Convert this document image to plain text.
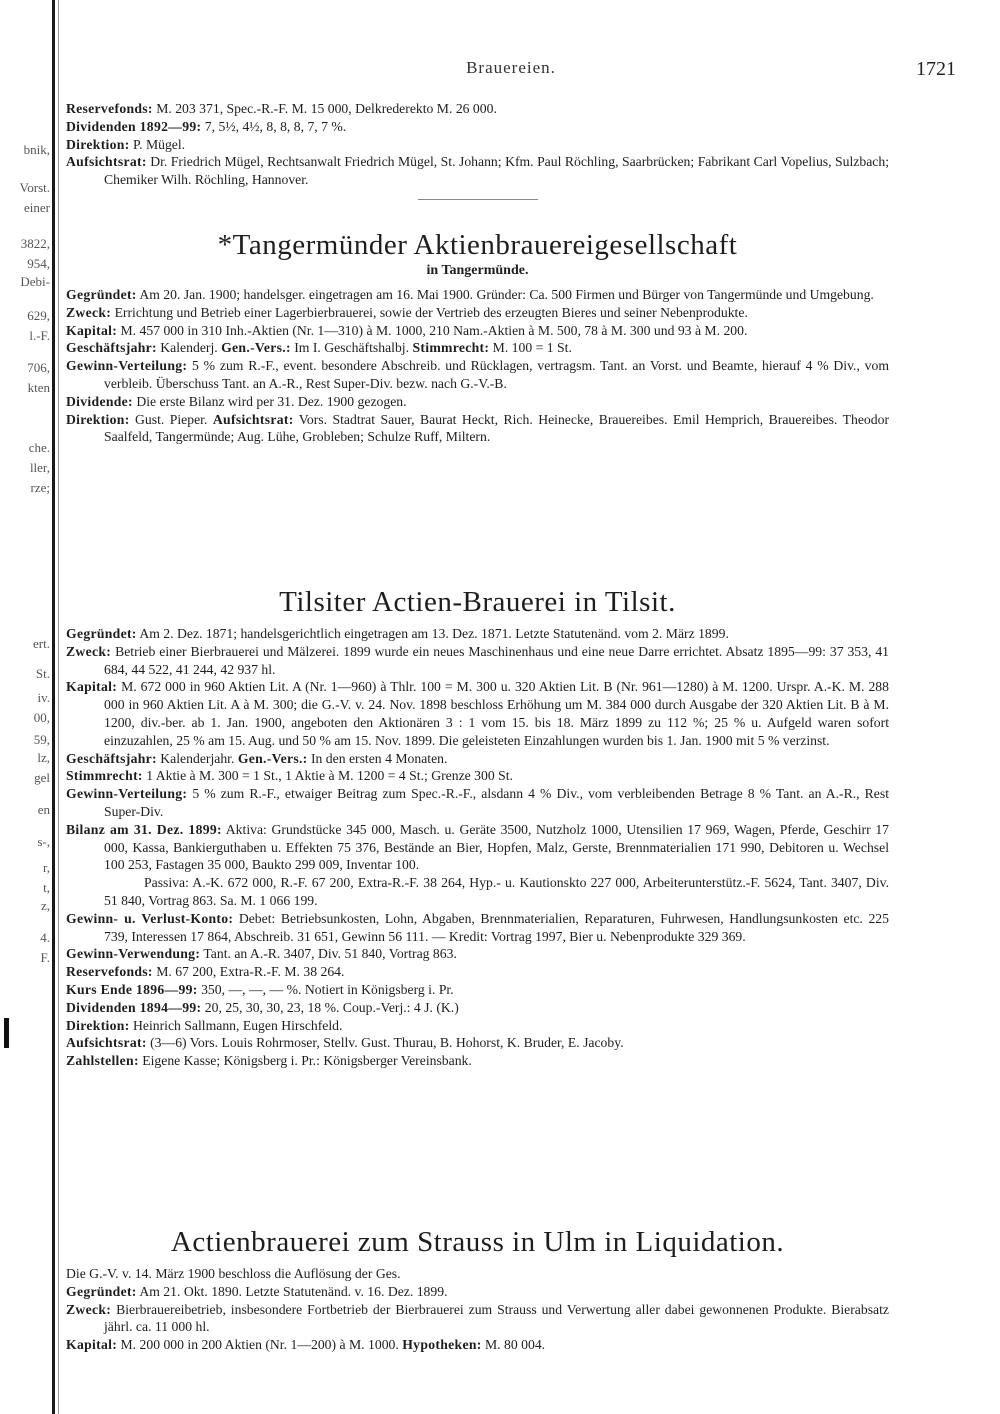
bnik,
Vorst.
einer
3822,
954,
Debi-
629,
l.-F.
706,
kten
che.
ller,
rze;
ert.
St.
iv.
00,
59,
lz,
gel
en
s-,
r,
t,
z,
4.
F.
Brauereien.	1721

Reservefonds: M. 203 371, Spec.-R.-F. M. 15 000, Delkrederekto M. 26 000.
Dividenden 1892—99: 7, 5½, 4½, 8, 8, 8, 7, 7 %.
Direktion: P. Mügel.
Aufsichtsrat: Dr. Friedrich Mügel, Rechtsanwalt Friedrich Mügel, St. Johann; Kfm. Paul Röchling, Saarbrücken; Fabrikant Carl Vopelius, Sulzbach; Chemiker Wilh. Röchling, Hannover.

*Tangermünder Aktienbrauereigesellschaft
in Tangermünde.

Gegründet: Am 20. Jan. 1900; handelsger. eingetragen am 16. Mai 1900. Gründer: Ca. 500 Firmen und Bürger von Tangermünde und Umgebung.
Zweck: Errichtung und Betrieb einer Lagerbierbrauerei, sowie der Vertrieb des erzeugten Bieres und seiner Nebenprodukte.
Kapital: M. 457 000 in 310 Inh.-Aktien (Nr. 1—310) à M. 1000, 210 Nam.-Aktien à M. 500, 78 à M. 300 und 93 à M. 200.
Geschäftsjahr: Kalenderj. Gen.-Vers.: Im I. Geschäftshalbj. Stimmrecht: M. 100 = 1 St.
Gewinn-Verteilung: 5 % zum R.-F., event. besondere Abschreib. und Rücklagen, vertragsm. Tant. an Vorst. und Beamte, hierauf 4 % Div., vom verbleib. Überschuss Tant. an A.-R., Rest Super-Div. bezw. nach G.-V.-B.
Dividende: Die erste Bilanz wird per 31. Dez. 1900 gezogen.
Direktion: Gust. Pieper. Aufsichtsrat: Vors. Stadtrat Sauer, Baurat Heckt, Rich. Heinecke, Brauereibes. Emil Hemprich, Brauereibes. Theodor Saalfeld, Tangermünde; Aug. Lühe, Grobleben; Schulze Ruff, Miltern.

Tilsiter Actien-Brauerei in Tilsit.

Gegründet: Am 2. Dez. 1871; handelsgerichtlich eingetragen am 13. Dez. 1871. Letzte Statutenänd. vom 2. März 1899.
Zweck: Betrieb einer Bierbrauerei und Mälzerei. 1899 wurde ein neues Maschinenhaus und eine neue Darre errichtet. Absatz 1895—99: 37 353, 41 684, 44 522, 41 244, 42 937 hl.
Kapital: M. 672 000 in 960 Aktien Lit. A (Nr. 1—960) à Thlr. 100 = M. 300 u. 320 Aktien Lit. B (Nr. 961—1280) à M. 1200. Urspr. A.-K. M. 288 000 in 960 Aktien Lit. A à M. 300; die G.-V. v. 24. Nov. 1898 beschloss Erhöhung um M. 384 000 durch Ausgabe der 320 Aktien Lit. B à M. 1200, div.-ber. ab 1. Jan. 1900, angeboten den Aktionären 3 : 1 vom 15. bis 18. März 1899 zu 112 %; 25 % u. Aufgeld waren sofort einzuzahlen, 25 % am 15. Aug. und 50 % am 15. Nov. 1899. Die geleisteten Einzahlungen wurden bis 1. Jan. 1900 mit 5 % verzinst.
Geschäftsjahr: Kalenderjahr. Gen.-Vers.: In den ersten 4 Monaten.
Stimmrecht: 1 Aktie à M. 300 = 1 St., 1 Aktie à M. 1200 = 4 St.; Grenze 300 St.
Gewinn-Verteilung: 5 % zum R.-F., etwaiger Beitrag zum Spec.-R.-F., alsdann 4 % Div., vom verbleibenden Betrage 8 % Tant. an A.-R., Rest Super-Div.
Bilanz am 31. Dez. 1899: Aktiva: Grundstücke 345 000, Masch. u. Geräte 3500, Nutzholz 1000, Utensilien 17 969, Wagen, Pferde, Geschirr 17 000, Kassa, Bankierguthaben u. Effekten 75 376, Bestände an Bier, Hopfen, Malz, Gerste, Brennmaterialien 171 990, Debitoren u. Wechsel 100 253, Fastagen 35 000, Baukto 299 009, Inventar 100.
Passiva: A.-K. 672 000, R.-F. 67 200, Extra-R.-F. 38 264, Hyp.- u. Kautionskto 227 000, Arbeiterunterstütz.-F. 5624, Tant. 3407, Div. 51 840, Vortrag 863. Sa. M. 1 066 199.
Gewinn- u. Verlust-Konto: Debet: Betriebsunkosten, Lohn, Abgaben, Brennmaterialien, Reparaturen, Fuhrwesen, Handlungsunkosten etc. 225 739, Interessen 17 864, Abschreib. 31 651, Gewinn 56 111. — Kredit: Vortrag 1997, Bier u. Nebenprodukte 329 369.
Gewinn-Verwendung: Tant. an A.-R. 3407, Div. 51 840, Vortrag 863.
Reservefonds: M. 67 200, Extra-R.-F. M. 38 264.
Kurs Ende 1896—99: 350, —, —, — %. Notiert in Königsberg i. Pr.
Dividenden 1894—99: 20, 25, 30, 30, 23, 18 %. Coup.-Verj.: 4 J. (K.)
Direktion: Heinrich Sallmann, Eugen Hirschfeld.
Aufsichtsrat: (3—6) Vors. Louis Rohrmoser, Stellv. Gust. Thurau, B. Hohorst, K. Bruder, E. Jacoby.
Zahlstellen: Eigene Kasse; Königsberg i. Pr.: Königsberger Vereinsbank.

Actienbrauerei zum Strauss in Ulm in Liquidation.

Die G.-V. v. 14. März 1900 beschloss die Auflösung der Ges.
Gegründet: Am 21. Okt. 1890. Letzte Statutenänd. v. 16. Dez. 1899.
Zweck: Bierbrauereibetrieb, insbesondere Fortbetrieb der Bierbrauerei zum Strauss und Verwertung aller dabei gewonnenen Produkte. Bierabsatz jährl. ca. 11 000 hl.
Kapital: M. 200 000 in 200 Aktien (Nr. 1—200) à M. 1000. Hypotheken: M. 80 004.
